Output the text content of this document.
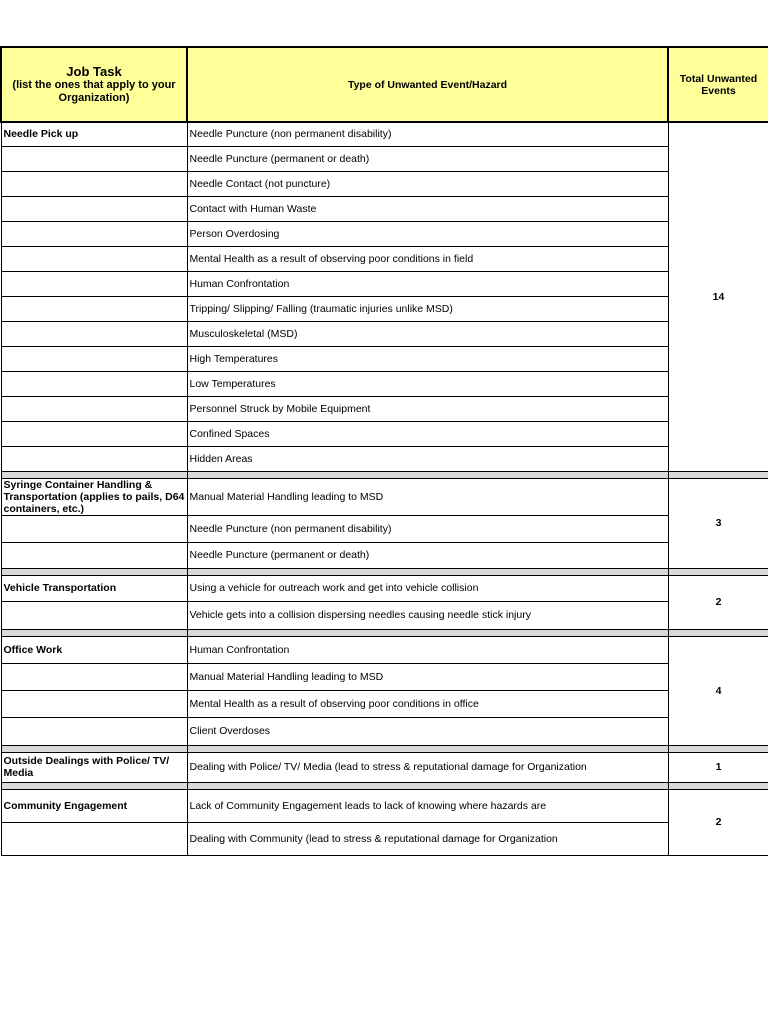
Job Task
(list the ones that apply to your Organization)	Type of Unwanted Event/Hazard	Total Unwanted Events
Needle Pick up	Needle Puncture (non permanent disability)	14
	Needle Puncture (permanent or death)	
	Needle Contact (not puncture)	
	Contact with Human Waste	
	Person Overdosing	
	Mental Health as a result of observing poor conditions in field	
	Human Confrontation	
	Tripping/ Slipping/ Falling (traumatic injuries unlike MSD)	
	Musculoskeletal (MSD)	
	High Temperatures	
	Low Temperatures	
	Personnel Struck by Mobile Equipment	
	Confined Spaces	
	Hidden Areas	

Syringe Container Handling & Transportation (applies to pails, D64 containers, etc.)	Manual Material Handling leading to MSD	3
	Needle Puncture (non permanent disability)	
	Needle Puncture (permanent or death)	

Vehicle Transportation	Using a vehicle for outreach work and get into vehicle collision	2
	Vehicle gets into a collision dispersing needles causing needle stick injury	

Office Work	Human Confrontation	4
	Manual Material Handling leading to MSD	
	Mental Health as a result of observing poor conditions in office	
	Client Overdoses	

Outside Dealings with Police/ TV/ Media	Dealing with Police/ TV/ Media (lead to stress & reputational damage for Organization	1

Community Engagement	Lack of Community Engagement leads to lack of knowing where hazards are	2
	Dealing with Community (lead to stress & reputational damage for Organization	
